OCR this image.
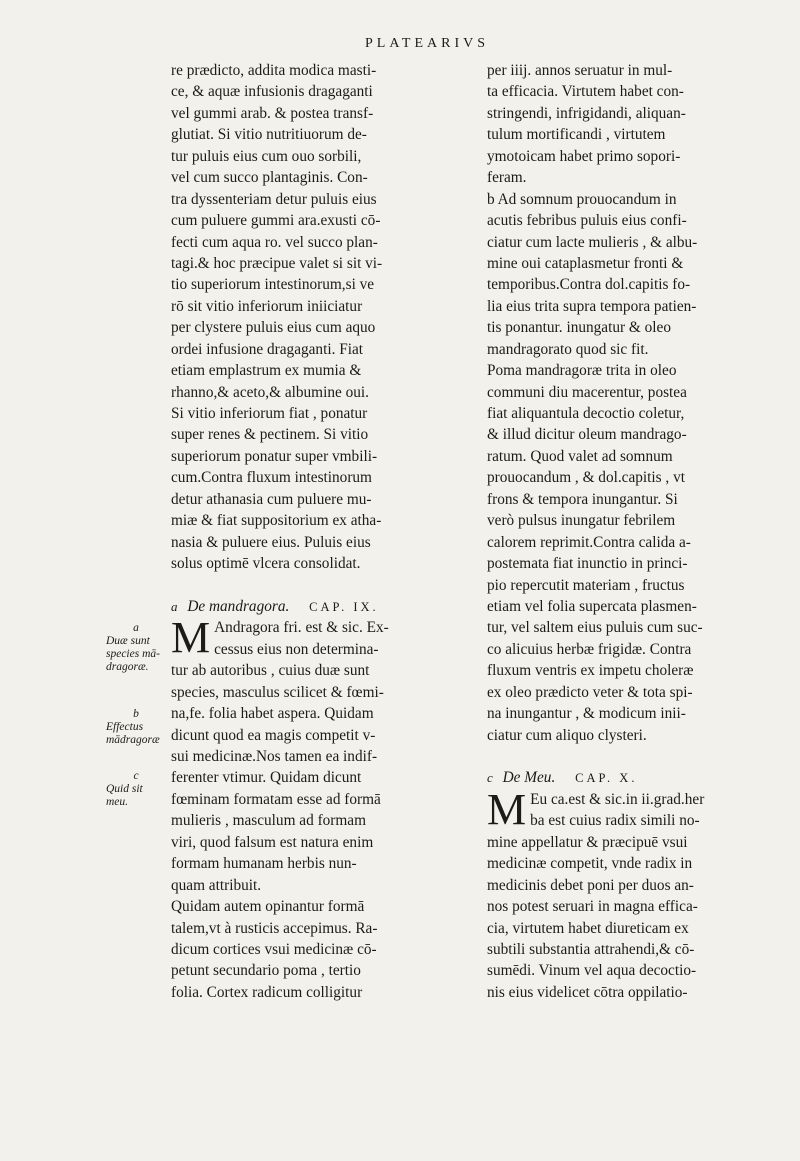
PLATEARIVS
re prædicto, addita modica masti-
ce, & aquæ infusionis dragaganti
vel gummi arab. & postea transf-
glutiat. Si vitio nutritiuorum de-
tur puluis eius cum ouo sorbili,
vel cum succo plantaginis. Con-
tra dyssenteriam detur puluis eius
cum puluere gummi ara.exusti cō-
fecti cum aqua ro. vel succo plan-
tagi.& hoc præcipue valet si sit vi-
tio superiorum intestinorum,si ve
rō sit vitio inferiorum iniiciatur
per clystere puluis eius cum aquo
ordei infusione dragaganti. Fiat
etiam emplastrum ex mumia &
rhanno,& aceto,& albumine oui.
Si vitio inferiorum fiat , ponatur
super renes & pectinem. Si vitio
superiorum ponatur super vmbili-
cum.Contra fluxum intestinorum
detur athanasia cum puluere mu-
miæ & fiat suppositorium ex atha-
nasia & puluere eius. Puluis eius
solus optimē vlcera consolidat.
a De mandragora. CAP. IX.
M Andragora fri. est & sic. Ex-
cessus eius non determina-
tur ab autoribus , cuius duæ sunt
species, masculus scilicet & fœmi-
na,fe. folia habet aspera. Quidam
dicunt quod ea magis competit v-
sui medicinæ.Nos tamen ea indif-
ferenter vtimur. Quidam dicunt
fœminam formatam esse ad formā
mulieris , masculum ad formam
viri, quod falsum est natura enim
formam humanam herbis nun-
quam attribuit.
Quidam autem opinantur formā
talem,vt à rusticis accepimus. Ra-
dicum cortices vsui medicinæ cō-
petunt secundario poma , tertio
folia. Cortex radicum colligitur
a
Duæ sunt
species mā-
dragoræ.
b
Effectus
mādragoræ
c
Quid sit
meu.
per iiij. annos seruatur in mul-
ta efficacia. Virtutem habet con-
stringendi, infrigidandi, aliquan-
tulum mortificandi , virtutem
ymotoicam habet primo sopori-
feram.
b Ad somnum prouocandum in
acutis febribus puluis eius confi-
ciatur cum lacte mulieris , & albu-
mine oui cataplasmetur fronti &
temporibus.Contra dol.capitis fo-
lia eius trita supra tempora patien-
tis ponantur. inungatur & oleo
mandragorato quod sic fit.
Poma mandragoræ trita in oleo
communi diu macerentur, postea
fiat aliquantula decoctio coletur,
& illud dicitur oleum mandrago-
ratum. Quod valet ad somnum
prouocandum , & dol.capitis , vt
frons & tempora inungantur. Si
verò pulsus inungatur febrilem
calorem reprimit.Contra calida a-
postemata fiat inunctio in princi-
pio repercutit materiam , fructus
etiam vel folia supercata plasmen-
tur, vel saltem eius puluis cum suc-
co alicuius herbæ frigidæ. Contra
fluxum ventris ex impetu choleræ
ex oleo prædicto veter & tota spi-
na inungantur , & modicum inii-
ciatur cum aliquo clysteri.
c De Meu. CAP. X.
M Eu ca.est & sic.in ii.grad.her
ba est cuius radix simili no-
mine appellatur & præcipuē vsui
medicinæ competit, vnde radix in
medicinis debet poni per duos an-
nos potest seruari in magna effica-
cia, virtutem habet diureticam ex
subtili substantia attrahendi,& cō-
sumēdi. Vinum vel aqua decoctio-
nis eius videlicet cōtra oppilatio-
